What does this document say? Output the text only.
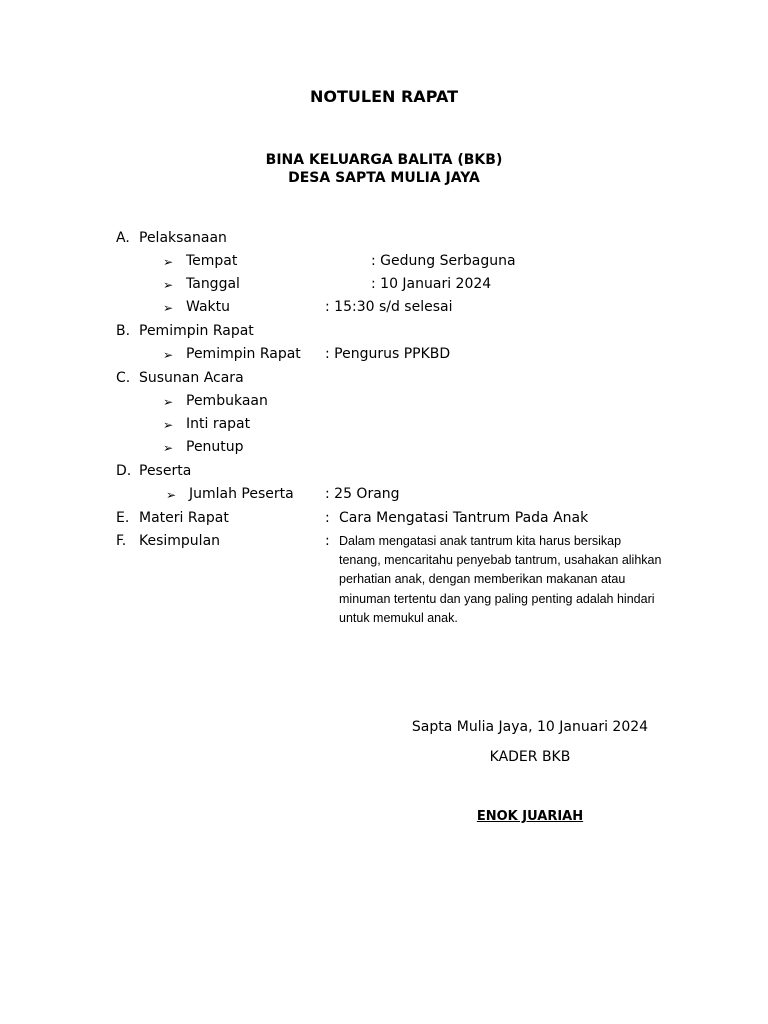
NOTULEN RAPAT
BINA KELUARGA BALITA (BKB)
DESA SAPTA MULIA JAYA
A. Pelaksanaan
➢ Tempat	: Gedung Serbaguna
➢ Tanggal	: 10 Januari 2024
➢ Waktu	: 15:30 s/d selesai
B. Pemimpin Rapat
➢ Pemimpin Rapat : Pengurus PPKBD
C. Susunan Acara
➢ Pembukaan
➢ Inti rapat
➢ Penutup
D. Peserta
➢ Jumlah Peserta : 25 Orang
E. Materi Rapat	: Cara Mengatasi Tantrum Pada Anak
F. Kesimpulan	: Dalam mengatasi anak tantrum kita harus bersikap
tenang, mencaritahu penyebab tantrum, usahakan alihkan
perhatian anak, dengan memberikan makanan atau
minuman tertentu dan yang paling penting adalah hindari
untuk memukul anak.
Sapta Mulia Jaya, 10 Januari 2024
KADER BKB
ENOK JUARIAH
